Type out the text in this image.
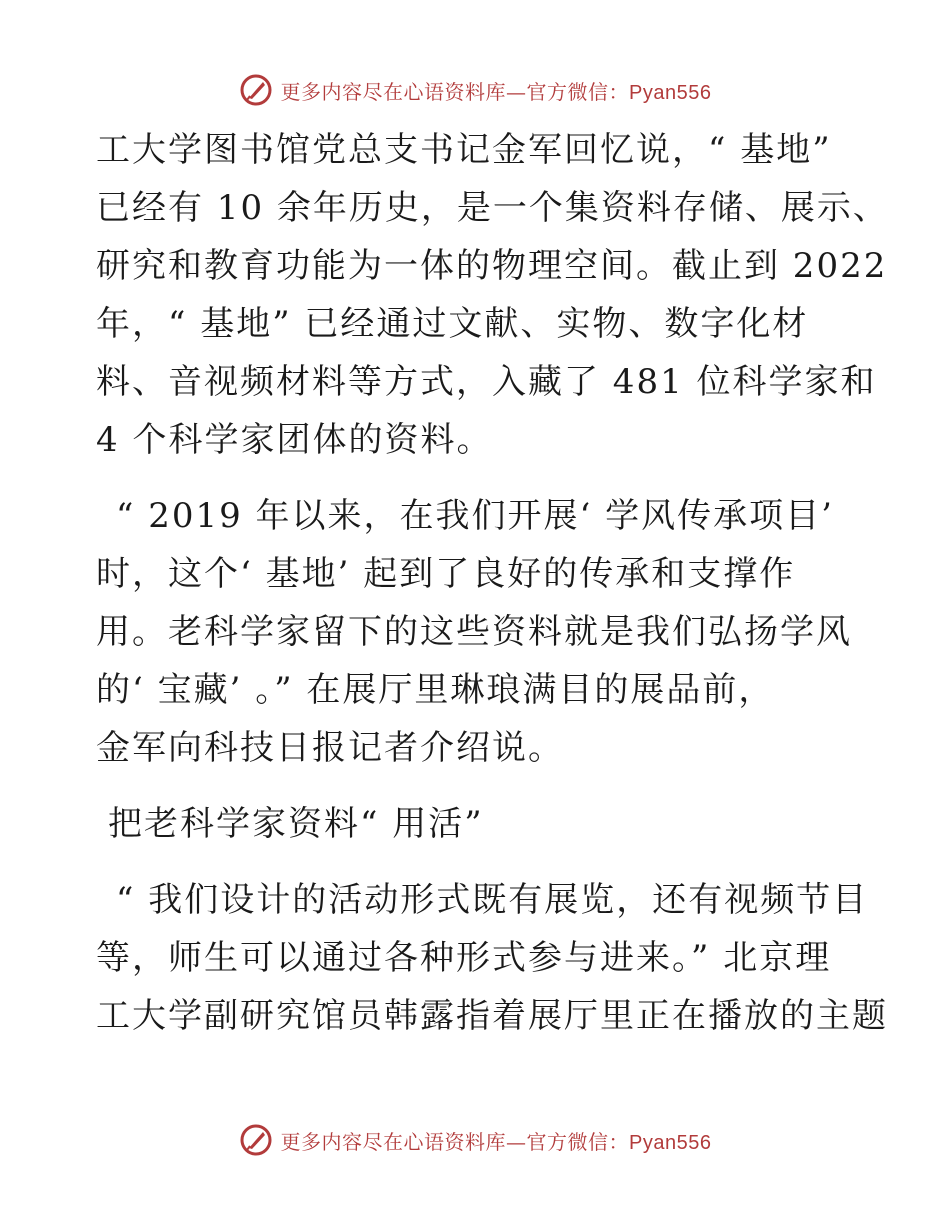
更多内容尽在心语资料库—官方微信：Pyan556
工大学图书馆党总支书记金军回忆说，“ 基地”
已经有 10 余年历史，是一个集资料存储、展示、
研究和教育功能为一体的物理空间。截止到 2022
年，“ 基地” 已经通过文献、实物、数字化材
料、音视频材料等方式，入藏了 481 位科学家和
4 个科学家团体的资料。
“ 2019 年以来，在我们开展‘ 学风传承项目’
时，这个‘ 基地’ 起到了良好的传承和支撑作
用。老科学家留下的这些资料就是我们弘扬学风
的‘ 宝藏’ 。” 在展厅里琳琅满目的展品前，
金军向科技日报记者介绍说。
把老科学家资料“ 用活”
“ 我们设计的活动形式既有展览，还有视频节目
等，师生可以通过各种形式参与进来。” 北京理
工大学副研究馆员韩露指着展厅里正在播放的主题
更多内容尽在心语资料库—官方微信：Pyan556
